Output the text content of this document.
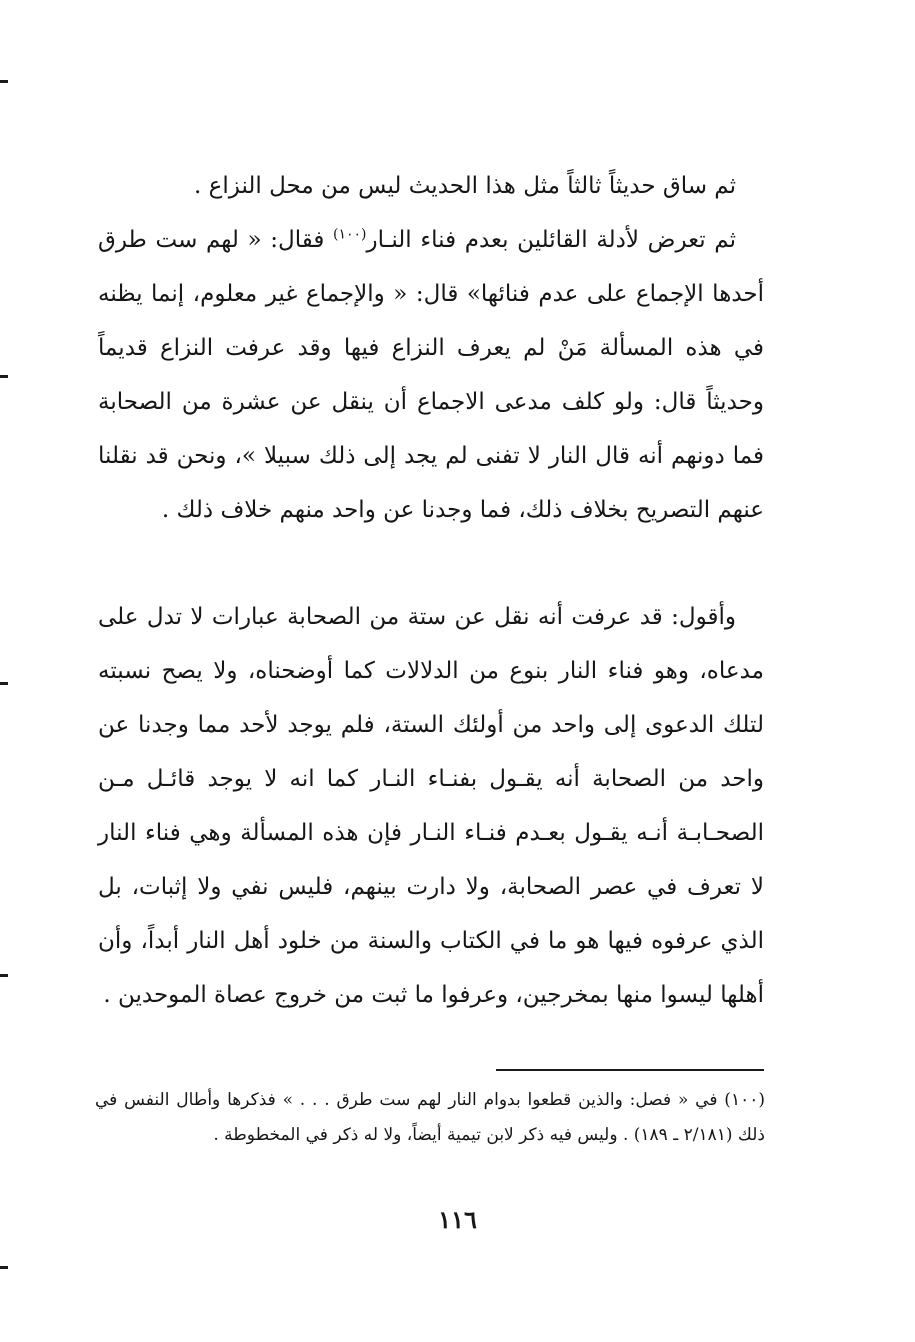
ثم ساق حديثاً ثالثاً مثل هذا الحديث ليس من محل النزاع .

ثم تعرض لأدلة القائلين بعدم فناء النـار$^{(١٠٠)}$ فقال: « لهم ست طرق أحدها الإجماع على عدم فنائها» قال: « والإجماع غير معلوم، إنما يظنه في هذه المسألة مَنْ لم يعرف النزاع فيها وقد عرفت النزاع قديماً وحديثاً قال: ولو كلف مدعى الاجماع أن ينقل عن عشرة من الصحابة فما دونهم أنه قال النار لا تفنى لم يجد إلى ذلك سبيلا »، ونحن قد نقلنا عنهم التصريح بخلاف ذلك، فما وجدنا عن واحد منهم خلاف ذلك .

وأقول: قد عرفت أنه نقل عن ستة من الصحابة عبارات لا تدل على مدعاه، وهو فناء النار بنوع من الدلالات كما أوضحناه، ولا يصح نسبته لتلك الدعوى إلى واحد من أولئك الستة، فلم يوجد لأحد مما وجدنا عن واحد من الصحابة أنه يقـول بفنـاء النـار كما انه لا يوجد قائـل مـن الصحـابـة أنـه يقـول بعـدم فنـاء النـار فإن هذه المسألة وهي فناء النار لا تعرف في عصر الصحابة، ولا دارت بينهم، فليس نفي ولا إثبات، بل الذي عرفوه فيها هو ما في الكتاب والسنة من خلود أهل النار أبداً، وأن أهلها ليسوا منها بمخرجين، وعرفوا ما ثبت من خروج عصاة الموحدين .

(١٠٠) في « فصل: والذين قطعوا بدوام النار لهم ست طرق . . . » فذكرها وأطال النفس في ذلك (٢/١٨١ ـ ١٨٩) . وليس فيه ذكر لابن تيمية أيضاً، ولا له ذكر في المخطوطة .

١١٦
